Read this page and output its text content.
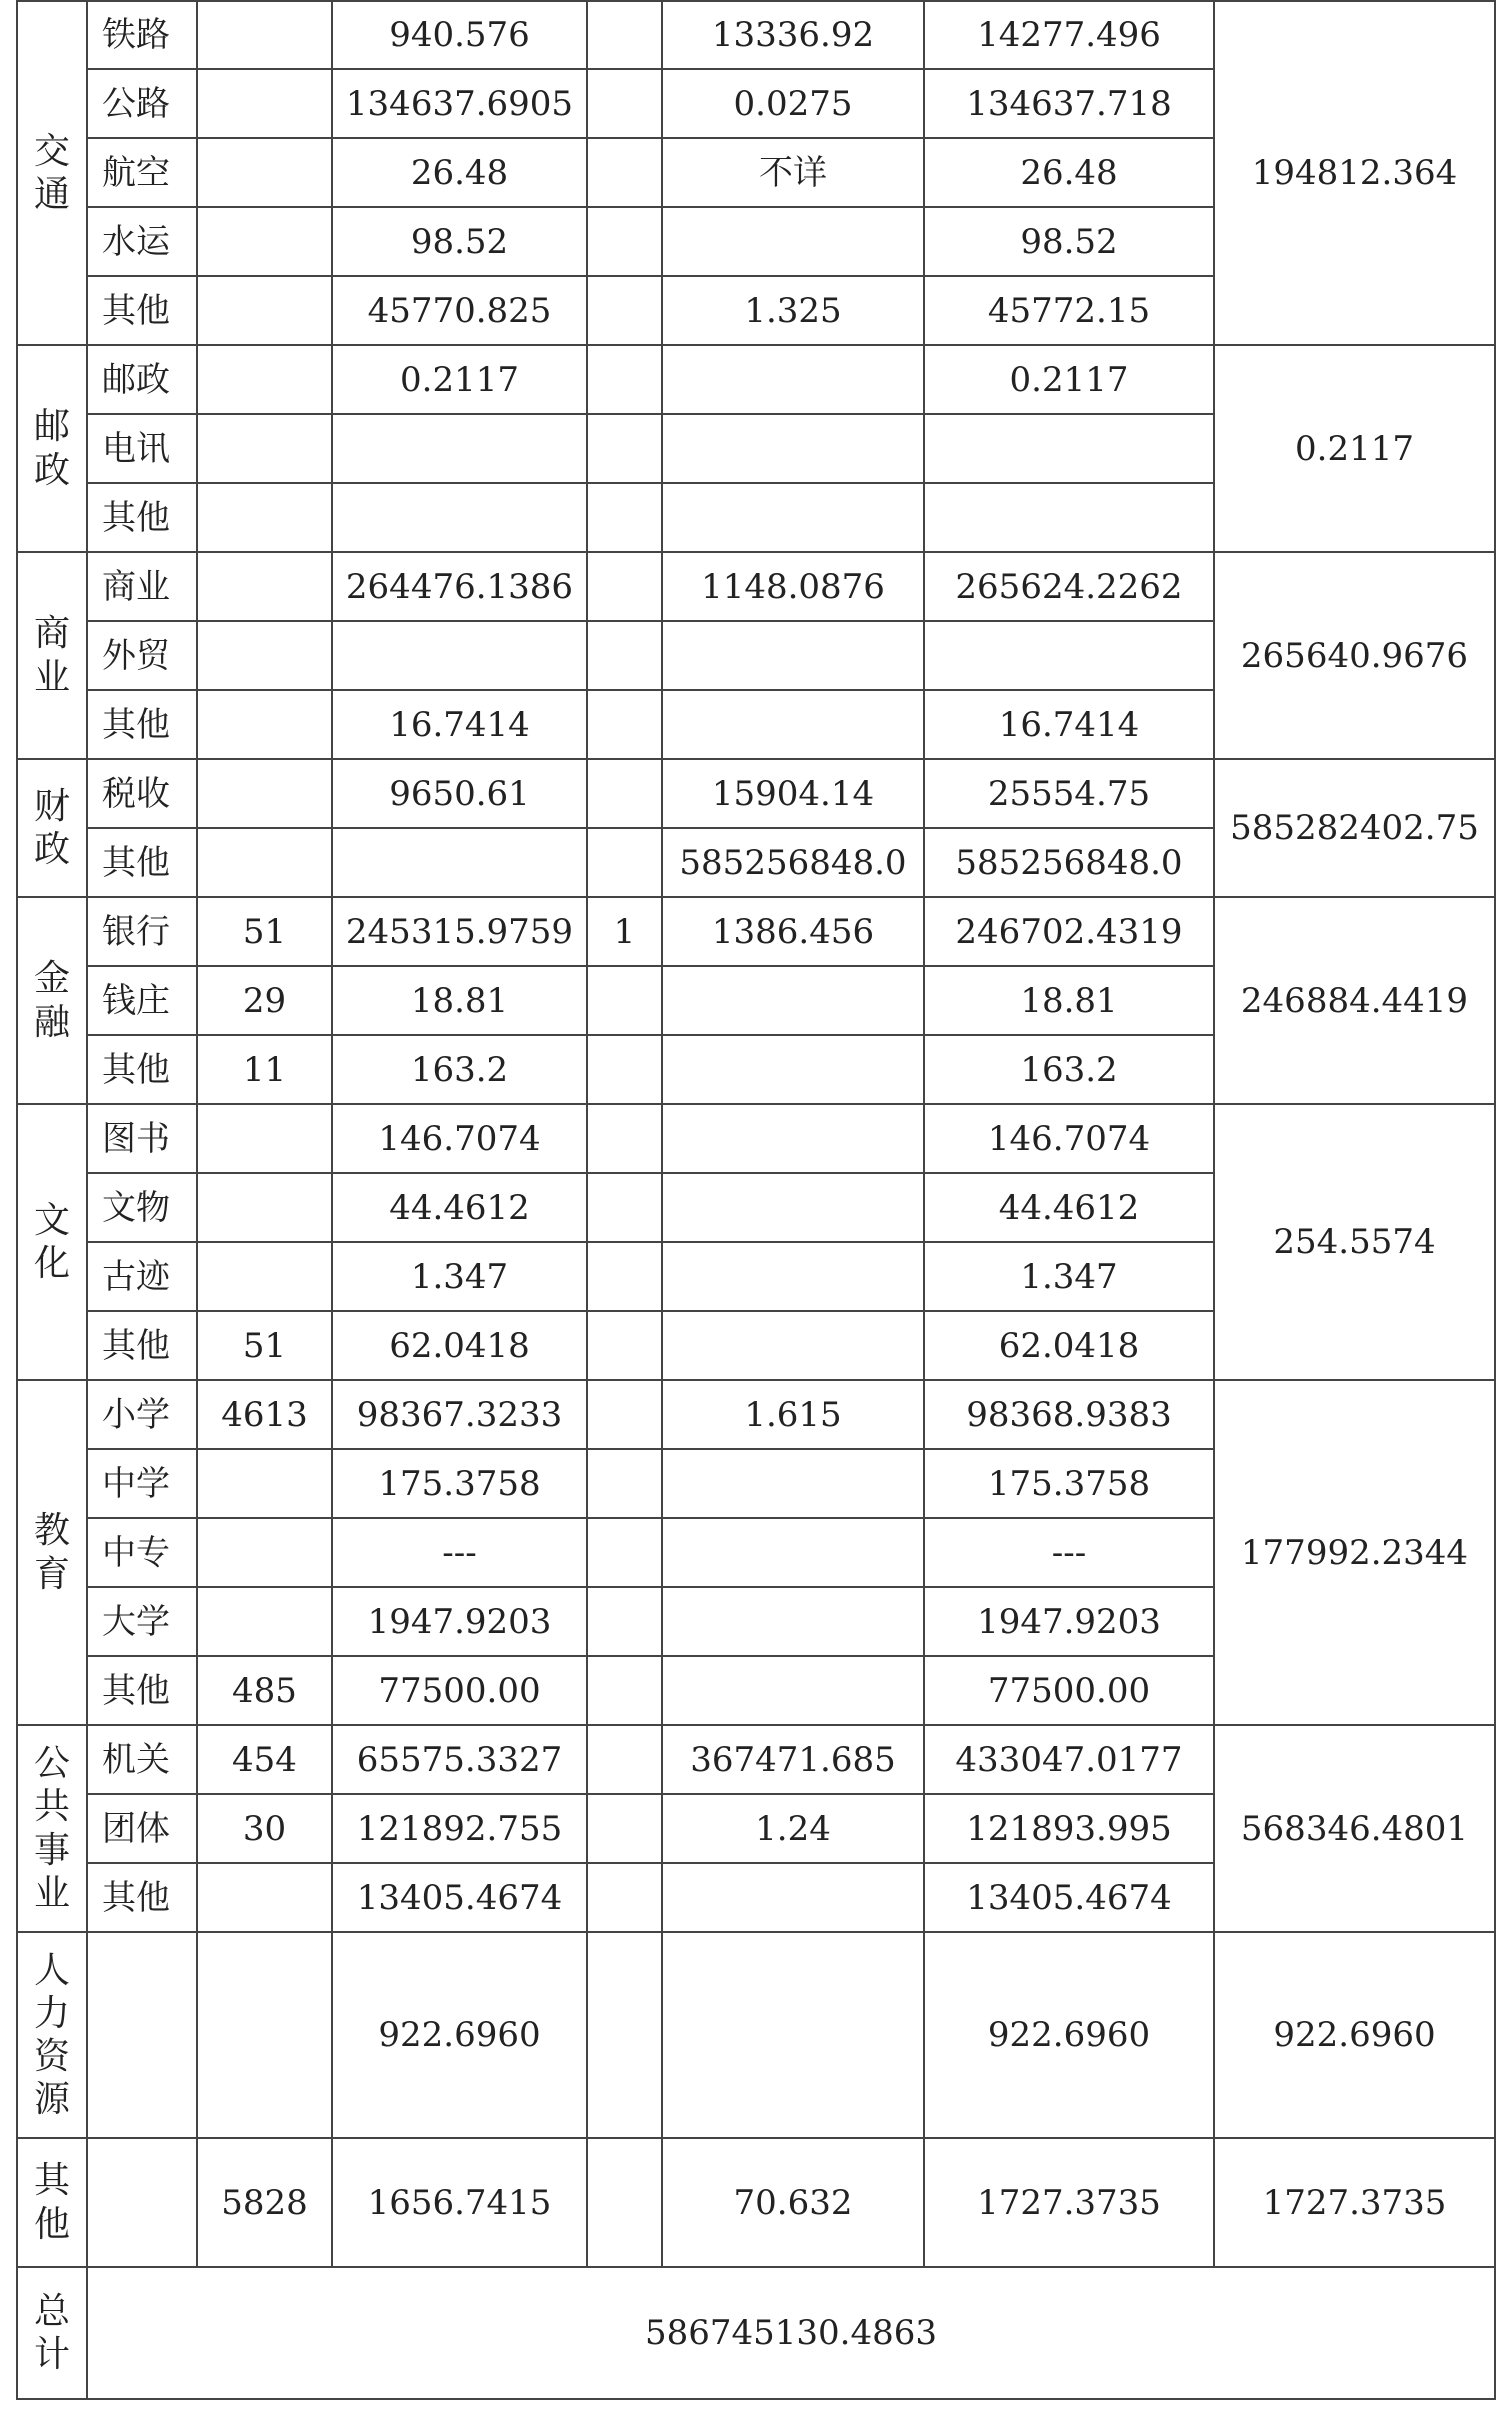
交通	铁路		940.576		13336.92	14277.496	194812.364
	公路		134637.6905		0.0275	134637.718	
	航空		26.48		不详	26.48	
	水运		98.52			98.52	
	其他		45770.825		1.325	45772.15	
邮政	邮政		0.2117			0.2117	0.2117
	电讯						
	其他						
商业	商业		264476.1386		1148.0876	265624.2262	265640.9676
	外贸						
	其他		16.7414			16.7414	
财政	税收		9650.61		15904.14	25554.75	585282402.75
	其他				585256848.0	585256848.0	
金融	银行	51	245315.9759	1	1386.456	246702.4319	246884.4419
	钱庄	29	18.81			18.81	
	其他	11	163.2			163.2	
文化	图书		146.7074			146.7074	254.5574
	文物		44.4612			44.4612	
	古迹		1.347			1.347	
	其他	51	62.0418			62.0418	
教育	小学	4613	98367.3233		1.615	98368.9383	177992.2344
	中学		175.3758			175.3758	
	中专		---			---	
	大学		1947.9203			1947.9203	
	其他	485	77500.00			77500.00	
公共事业	机关	454	65575.3327		367471.685	433047.0177	568346.4801
	团体	30	121892.755		1.24	121893.995	
	其他		13405.4674			13405.4674	
人力资源			922.6960			922.6960	922.6960
其他		5828	1656.7415		70.632	1727.3735	1727.3735
总计	586745130.4863						
